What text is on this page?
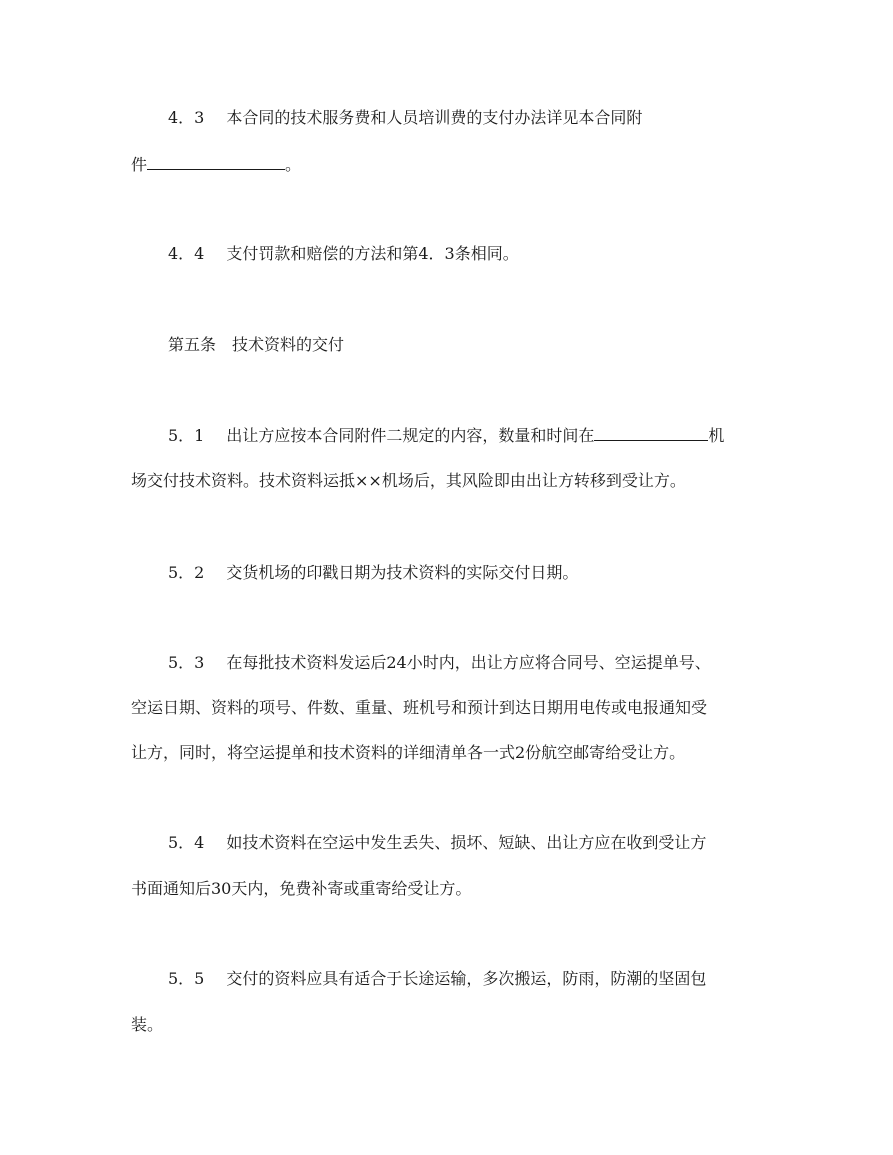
4．3 本合同的技术服务费和人员培训费的支付办法详见本合同附
件	。
4．4 支付罚款和赔偿的方法和第4．3条相同。
第五条　技术资料的交付
5．1 出让方应按本合同附件二规定的内容，数量和时间在	机
场交付技术资料。技术资料运抵××机场后，其风险即由出让方转移到受让方。
5．2 交货机场的印戳日期为技术资料的实际交付日期。
5．3 在每批技术资料发运后24小时内，出让方应将合同号、空运提单号、
空运日期、资料的项号、件数、重量、班机号和预计到达日期用电传或电报通知受
让方，同时，将空运提单和技术资料的详细清单各一式2份航空邮寄给受让方。
5．4 如技术资料在空运中发生丢失、损坏、短缺、出让方应在收到受让方
书面通知后30天内，免费补寄或重寄给受让方。
5．5 交付的资料应具有适合于长途运输，多次搬运，防雨，防潮的坚固包
装。
